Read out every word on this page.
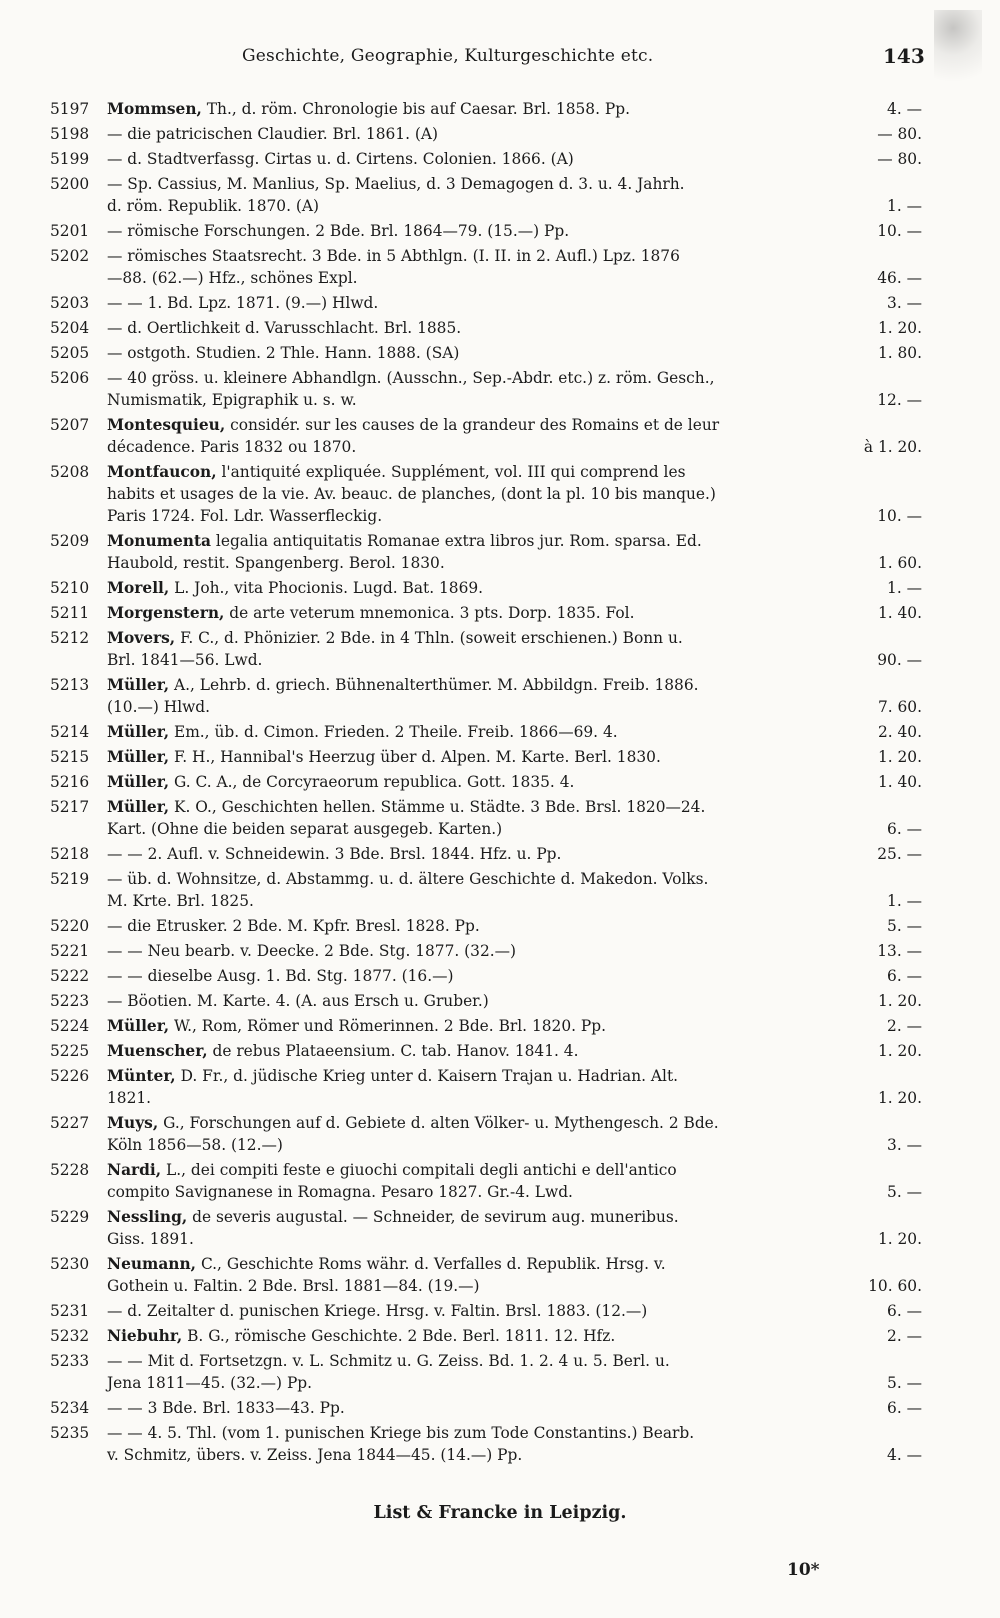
Geschichte, Geographie, Kulturgeschichte etc.	143
5197 Mommsen, Th., d. röm. Chronologie bis auf Caesar. Brl. 1858. Pp.	4. —
5198 — die patricischen Claudier. Brl. 1861. (A)	— 80.
5199 — d. Stadtverfassg. Cirtas u. d. Cirtens. Colonien. 1866. (A)	— 80.
5200 — Sp. Cassius, M. Manlius, Sp. Maelius, d. 3 Demagogen d. 3. u. 4. Jahrh.
d. röm. Republik. 1870. (A)	1. —
5201 — römische Forschungen. 2 Bde. Brl. 1864—79. (15.—) Pp.	10. —
5202 — römisches Staatsrecht. 3 Bde. in 5 Abthlgn. (I. II. in 2. Aufl.) Lpz. 1876
—88. (62.—) Hfz., schönes Expl.	46. —
5203 — — 1. Bd. Lpz. 1871. (9.—) Hlwd.	3. —
5204 — d. Oertlichkeit d. Varusschlacht. Brl. 1885.	1. 20.
5205 — ostgoth. Studien. 2 Thle. Hann. 1888. (SA)	1. 80.
5206 — 40 gröss. u. kleinere Abhandlgn. (Ausschn., Sep.-Abdr. etc.) z. röm. Gesch.,
Numismatik, Epigraphik u. s. w.	12. —
5207 Montesquieu, considér. sur les causes de la grandeur des Romains et de leur
décadence. Paris 1832 ou 1870.	à 1. 20.
5208 Montfaucon, l'antiquité expliquée. Supplément, vol. III qui comprend les
habits et usages de la vie. Av. beauc. de planches, (dont la pl. 10 bis manque.)
Paris 1724. Fol. Ldr. Wasserfleckig.	10. —
5209 Monumenta legalia antiquitatis Romanae extra libros jur. Rom. sparsa. Ed.
Haubold, restit. Spangenberg. Berol. 1830.	1. 60.
5210 Morell, L. Joh., vita Phocionis. Lugd. Bat. 1869.	1. —
5211 Morgenstern, de arte veterum mnemonica. 3 pts. Dorp. 1835. Fol.	1. 40.
5212 Movers, F. C., d. Phönizier. 2 Bde. in 4 Thln. (soweit erschienen.) Bonn u.
Brl. 1841—56. Lwd.	90. —
5213 Müller, A., Lehrb. d. griech. Bühnenalterthümer. M. Abbildgn. Freib. 1886.
(10.—) Hlwd.	7. 60.
5214 Müller, Em., üb. d. Cimon. Frieden. 2 Theile. Freib. 1866—69. 4.	2. 40.
5215 Müller, F. H., Hannibal's Heerzug über d. Alpen. M. Karte. Berl. 1830.	1. 20.
5216 Müller, G. C. A., de Corcyraeorum republica. Gott. 1835. 4.	1. 40.
5217 Müller, K. O., Geschichten hellen. Stämme u. Städte. 3 Bde. Brsl. 1820—24.
Kart. (Ohne die beiden separat ausgegeb. Karten.)	6. —
5218 — — 2. Aufl. v. Schneidewin. 3 Bde. Brsl. 1844. Hfz. u. Pp.	25. —
5219 — üb. d. Wohnsitze, d. Abstammg. u. d. ältere Geschichte d. Makedon. Volks.
M. Krte. Brl. 1825.	1. —
5220 — die Etrusker. 2 Bde. M. Kpfr. Bresl. 1828. Pp.	5. —
5221 — — Neu bearb. v. Deecke. 2 Bde. Stg. 1877. (32.—)	13. —
5222 — — dieselbe Ausg. 1. Bd. Stg. 1877. (16.—)	6. —
5223 — Böotien. M. Karte. 4. (A. aus Ersch u. Gruber.)	1. 20.
5224 Müller, W., Rom, Römer und Römerinnen. 2 Bde. Brl. 1820. Pp.	2. —
5225 Muenscher, de rebus Plataeensium. C. tab. Hanov. 1841. 4.	1. 20.
5226 Münter, D. Fr., d. jüdische Krieg unter d. Kaisern Trajan u. Hadrian. Alt.
1821.	1. 20.
5227 Muys, G., Forschungen auf d. Gebiete d. alten Völker- u. Mythengesch. 2 Bde.
Köln 1856—58. (12.—)	3. —
5228 Nardi, L., dei compiti feste e giuochi compitali degli antichi e dell'antico
compito Savignanese in Romagna. Pesaro 1827. Gr.-4. Lwd.	5. —
5229 Nessling, de severis augustal. — Schneider, de sevirum aug. muneribus.
Giss. 1891.	1. 20.
5230 Neumann, C., Geschichte Roms währ. d. Verfalles d. Republik. Hrsg. v.
Gothein u. Faltin. 2 Bde. Brsl. 1881—84. (19.—)	10. 60.
5231 — d. Zeitalter d. punischen Kriege. Hrsg. v. Faltin. Brsl. 1883. (12.—)	6. —
5232 Niebuhr, B. G., römische Geschichte. 2 Bde. Berl. 1811. 12. Hfz.	2. —
5233 — — Mit d. Fortsetzgn. v. L. Schmitz u. G. Zeiss. Bd. 1. 2. 4 u. 5. Berl. u.
Jena 1811—45. (32.—) Pp.	5. —
5234 — — 3 Bde. Brl. 1833—43. Pp.	6. —
5235 — — 4. 5. Thl. (vom 1. punischen Kriege bis zum Tode Constantins.) Bearb.
v. Schmitz, übers. v. Zeiss. Jena 1844—45. (14.—) Pp.	4. —
List & Francke in Leipzig.
10*
